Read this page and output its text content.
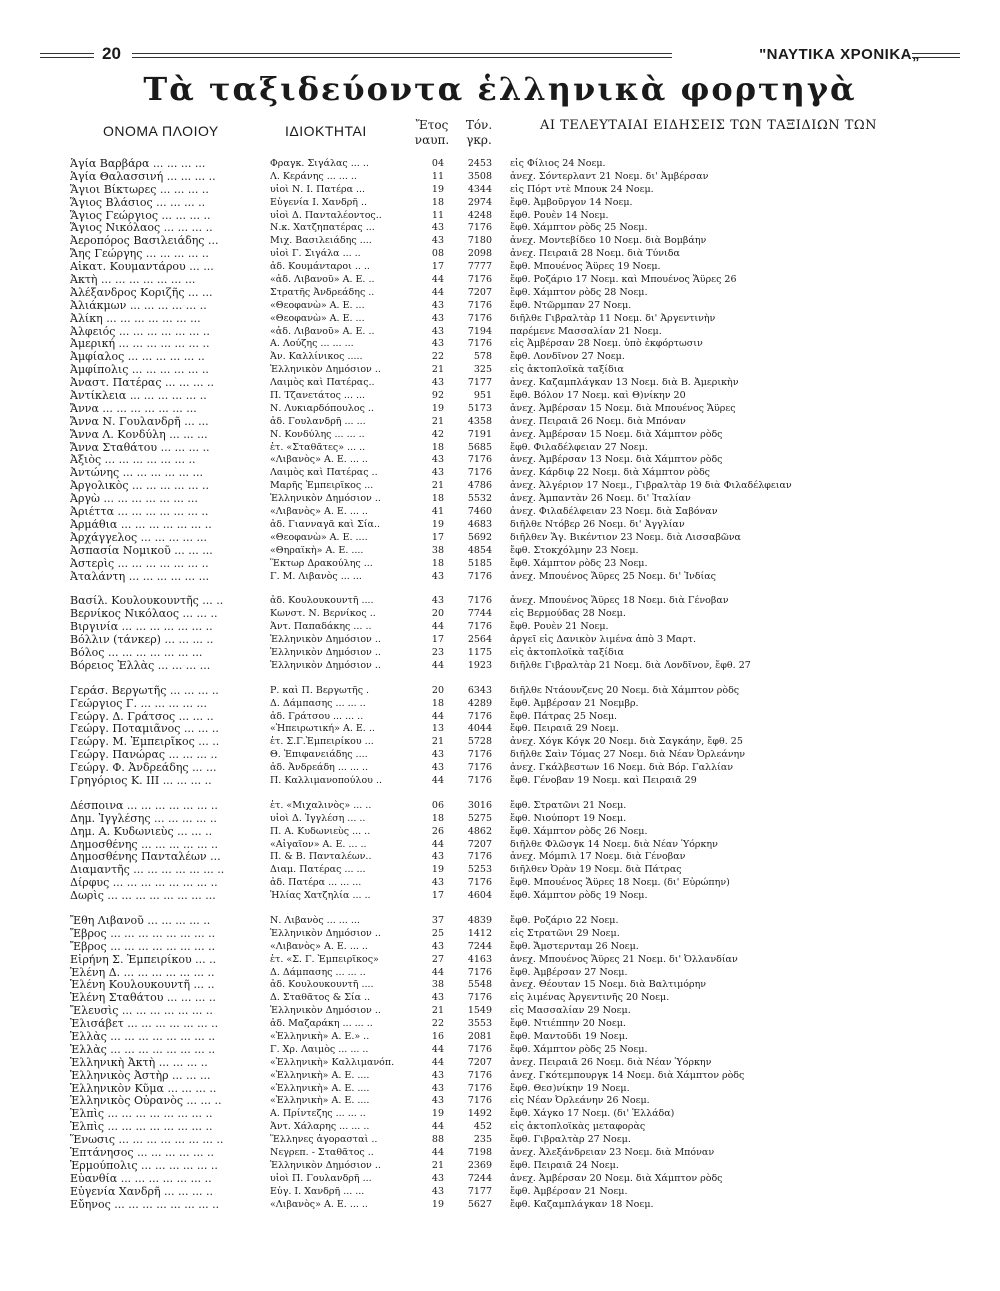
20	"ΝΑΥΤΙΚΑ ΧΡΟΝΙΚΑ„
Τὰ ταξιδεύοντα ἑλληνικὰ φορτηγὰ
ΟΝΟΜΑ ΠΛΟΙΟΥ	ΙΔΙΟΚΤΗΤΑΙ	Ἔτος
ναυπ.
Τόν.
γκρ.
ΑΙ ΤΕΛΕΥΤΑΙΑΙ ΕΙΔΗΣΕΙΣ ΤΩΝ ΤΑΞΙΔΙΩΝ ΤΩΝ
Ἁγία Βαρβάρα ... ... ... ...	Φραγκ. Σιγάλας ... ..	04	2453 εἰς Φίλιος 24 Νοεμ.
Ἁγία Θαλασσινή ... ... ... ..	Λ. Κεράνης ... ... ..	11	3508 ἀνεχ. Σόντερλαντ 21 Νοεμ. δι' Ἀμβέρσαν
Ἅγιοι Βίκτωρες ... ... ... ..	υἱοὶ Ν. Ι. Πατέρα ...	19	4344 εἰς Πόρτ ντὲ Μπουκ 24 Νοεμ.
Ἅγιος Βλάσιος ... ... ... ..	Εὐγενία Ι. Χανδρῆ ..	18	2974 ἔφθ. Ἀμβοῦργον 14 Νοεμ.
Ἅγιος Γεώργιος ... ... ... ..	υἱοὶ Δ. Πανταλέοντος..	11	4248 ἔφθ. Ρουὲν 14 Νοεμ.
Ἅγιος Νικόλαος ... ... ... ..	Ν.κ. Χατζηπατέρας ...	43	7176 ἔφθ. Χάμπτον ρὸδς 25 Νοεμ.
Ἀεροπόρος Βασιλειάδης ...	Μιχ. Βασιλειάδης ....	43	7180 ἀνεχ. Μοντεβίδεο 10 Νοεμ. διὰ Βομβάην
Ἄης Γεώργης ... ... ... ... ..	υἱοὶ Γ. Σιγάλα ... ..	08	2098 ἀνεχ. Πειραιᾶ 28 Νοεμ. διὰ Τύνιδα
Αἰκατ. Κουμαντάρου ... ...	ἀδ. Κουμάνταροι .. ..	17	7777 ἔφθ. Μπουένος Ἄϋρες 19 Νοεμ.
Ἀκτὴ ... ... ... ... ... ... ...	«ἀδ. Λιβανοῦ» Α. Ε. ..	44	7176 ἔφθ. Ροζάριο 17 Νοεμ. καὶ Μπουένος Ἄϋρες 26
Ἀλέξανδρος Κοριζῆς ... ...	Στρατῆς Ἀνδρεάδης ..	44	7207 ἔφθ. Χάμπτον ρὸδς 28 Νοεμ.
Ἀλιάκμων ... ... ... ... ... ..	«Θεοφανὼ» Α. Ε. ...	43	7176 ἔφθ. Ντῶρμπαν 27 Νοεμ.
Ἀλίκη ... ... ... ... ... ... ...	«Θεοφανὼ» Α. Ε. ...	43	7176 διῆλθε Γιβραλτὰρ 11 Νοεμ. δι' Ἀργεντινὴν
Ἀλφειός ... ... ... ... ... ... ..	«ἀδ. Λιβανοῦ» Α. Ε. ..	43	7194 παρέμενε Μασσαλίαν 21 Νοεμ.
Ἀμερική ... ... ... ... ... ... ..	Α. Λούζης ... ... ...	43	7176 εἰς Ἀμβέρσαν 28 Νοεμ. ὑπὸ ἐκφόρτωσιν
Ἀμφίαλος ... ... ... ... ... ..	Ἀν. Καλλίνικος .....	22	578 ἔφθ. Λονδῖνον 27 Νοεμ.
Ἀμφίπολις ... ... ... ... ... ..	Ἑλληνικὸν Δημόσιον ..	21	325 εἰς ἀκτοπλοϊκὰ ταξίδια
Ἀναστ. Πατέρας ... ... ... ..	Λαιμὸς καὶ Πατέρας..	43	7177 ἀνεχ. Καζαμπλάγκαν 13 Νοεμ. διὰ Β. Ἀμερικὴν
Ἀντίκλεια ... ... ... ... ... ..	Π. Τζανετάτος ... ...	92	951 ἔφθ. Βόλον 17 Νοεμ. καὶ Θ)νίκην 20
Ἄννα ... ... ... ... ... ... ...	Ν. Λυκιαρδόπουλος ..	19	5173 ἀνεχ. Ἀμβέρσαν 15 Νοεμ. διὰ Μπουένος Ἄϋρες
Ἄννα Ν. Γουλανδρῆ ... ...	ἀδ. Γουλανδρῆ ... ...	21	4358 ἀνεχ. Πειραιᾶ 26 Νοεμ. διὰ Μπόναν
Ἄννα Λ. Κονδύλη ... ... ...	Ν. Κονδύλης ... ... ..	42	7191 ἀνεχ. Ἀμβέρσαν 15 Νοεμ. διὰ Χάμπτον ρὸδς
Ἄννα Σταθάτου ... ... ... ..	ἑτ. «Σταθᾶτες» ... ..	18	5685 ἔφθ. Φιλαδέλφειαν 27 Νοεμ.
Ἀξιὸς ... ... ... ... ... ... ..	«Λιβανὸς» Α. Ε. ... ..	43	7176 ἀνεχ. Ἀμβέρσαν 13 Νοεμ. διὰ Χάμπτον ρὸδς
Ἀντώνης ... ... ... ... ... ...	Λαιμὸς καὶ Πατέρας ..	43	7176 ἀνεχ. Κάρδιφ 22 Νοεμ. διὰ Χάμπτον ρὸδς
Ἀργολικὸς ... ... ... ... ... ..	Μαρῆς Ἐμπειρῖκος ...	21	4786 ἀνεχ. Ἀλγέριον 17 Νοεμ., Γιβραλτὰρ 19 διὰ Φιλαδέλφειαν
Ἀργὼ ... ... ... ... ... ... ...	Ἑλληνικὸν Δημόσιον ..	18	5532 ἀνεχ. Ἀμπαντὰν 26 Νοεμ. δι' Ἰταλίαν
Ἀριέττα ... ... ... ... ... ... ..	«Λιβανὸς» Α. Ε. ... ..	41	7460 ἀνεχ. Φιλαδέλφειαν 23 Νοεμ. διὰ Σαβόναν
Ἀρμάθια ... ... ... ... ... ... ..	ἀδ. Γιανναγᾶ καὶ Σία..	19	4683 διῆλθε Ντόβερ 26 Νοεμ. δι' Ἀγγλίαν
Ἀρχάγγελος ... ... ... ... ...	«Θεοφανὼ» Α. Ε. ....	17	5692 διῆλθεν Ἅγ. Βικέντιον 23 Νοεμ. διὰ Λισσαβῶνα
Ἀσπασία Νομικοῦ ... ... ...	«Θηραϊκὴ» Α. Ε. ....	38	4854 ἔφθ. Στοκχόλμην 23 Νοεμ.
Ἀστερὶς ... ... ... ... ... ... ..	Ἕκτωρ Δρακούλης ...	18	5185 ἔφθ. Χάμπτον ρὸδς 23 Νοεμ.
Ἀταλάντη ... ... ... ... ... ...	Γ. Μ. Λιβανὸς ... ...	43	7176 ἀνεχ. Μπουένος Ἄϋρες 25 Νοεμ. δι' Ἰνδίας
Βασίλ. Κουλουκουντῆς ... ..	ἀδ. Κουλουκουντῆ ....	43	7176 ἀνεχ. Μπουένος Ἄϋρες 18 Νοεμ. διὰ Γένοβαν
Βερνίκος Νικόλαος ... ... ..	Κωνστ. Ν. Βερνίκος ..	20	7744 εἰς Βερμούδας 28 Νοεμ.
Βιργινία ... ... ... ... ... ... ..	Ἀντ. Παπαδάκης ... ..	44	7176 ἔφθ. Ρουὲν 21 Νοεμ.
Βόλλιν (τάνκερ) ... ... ... ..	Ἑλληνικὸν Δημόσιον ..	17	2564 ἀργεῖ εἰς Δανικὸν λιμένα ἀπὸ 3 Μαρτ.
Βόλος ... ... ... ... ... ... ...	Ἑλληνικὸν Δημόσιον ..	23	1175 εἰς ἀκτοπλοϊκὰ ταξίδια
Βόρειος Ἑλλὰς ... ... ... ...	Ἑλληνικὸν Δημόσιον ..	44	1923 διῆλθε Γιβραλτὰρ 21 Νοεμ. διὰ Λονδῖνον, ἔφθ. 27
Γεράσ. Βεργωτῆς ... ... ... ..	Ρ. καὶ Π. Βεργωτῆς .	20	6343 διῆλθε Ντάουνζενς 20 Νοεμ. διὰ Χάμπτον ρὸδς
Γεώργιος Γ. ... ... ... ... ...	Δ. Δάμπασης ... ... ..	18	4289 ἔφθ. Ἀμβέρσαν 21 Νοεμβρ.
Γεώργ. Δ. Γράτσος ... ... ..	ἀδ. Γράτσου ... ... ..	44	7176 ἔφθ. Πάτρας 25 Νοεμ.
Γεώργ. Ποταμιᾶνος ... ... ..	«Ἠπειρωτική» Α. Ε. ..	13	4044 ἔφθ. Πειραιᾶ 29 Νοεμ.
Γεώργ. Μ. Ἐμπειρῖκος ... ..	ἑτ. Σ.Γ.Ἐμπειρίκου ...	21	5728 ἀνεχ. Χόγκ Κόγκ 20 Νοεμ. διὰ Σαγκάην, ἔφθ. 25
Γεώργ. Πανώρας ... ... ... ..	Θ. Ἐπιφανειάδης ....	43	7176 διῆλθε Σαὶν Τόμας 27 Νοεμ. διὰ Νέαν Ὀρλεάνην
Γεώργ. Φ. Ἀνδρεάδης ... ...	ἀδ. Ἀνδρεάδη ... ... ..	43	7176 ἀνεχ. Γκάλβεστων 16 Νοεμ. διὰ Βόρ. Γαλλίαν
Γρηγόριος Κ. ΙΙΙ ... ... ... ..	Π. Καλλιμανοπούλου ..	44	7176 ἔφθ. Γένοβαν 19 Νοεμ. καὶ Πειραιᾶ 29
Δέσποινα ... ... ... ... ... ... ..	ἑτ. «Μιχαλινὸς» ... ..	06	3016 ἔφθ. Στρατῶνι 21 Νοεμ.
Δημ. Ἰγγλέσης ... ... ... ... ..	υἱοὶ Δ. Ἰγγλέση ... ..	18	5275 ἔφθ. Νιούπορτ 19 Νοεμ.
Δημ. Α. Κυδωνιεὺς ... ... ..	Π. Α. Κυδωνιεὺς ... ..	26	4862 ἔφθ. Χάμπτον ρὸδς 26 Νοεμ.
Δημοσθένης ... ... ... ... ... ..	«Αἰγαῖον» Α. Ε. ... ..	44	7207 διῆλθε Φλῶσγκ 14 Νοεμ. διὰ Νέαν Ὑόρκην
Δημοσθένης Πανταλέων ...	Π. & Β. Πανταλέων..	43	7176 ἀνεχ. Μόμπιλ 17 Νοεμ. διὰ Γένοβαν
Διαμαντῆς ... ... ... ... ... ... ..	Διαμ. Πατέρας ... ...	19	5253 διῆλθεν Ὀρὰν 19 Νοεμ. διὰ Πάτρας
Δίρφυς ... ... ... ... ... ... ... ..	ἀδ. Πατέρα ... ... ...	43	7176 ἔφθ. Μπουένος Ἄϋρες 18 Νοεμ. (δι' Εὐρώπην)
Δωρὶς ... ... ... ... ... ... ... ...	Ἠλίας Χατζηλία ... ..	17	4604 ἔφθ. Χάμπτον ρὸδς 19 Νοεμ.
Ἔθη Λιβανοῦ ... ... ... ... ..	Ν. Λιβανὸς ... ... ...	37	4839 ἔφθ. Ροζάριο 22 Νοεμ.
Ἔβρος ... ... ... ... ... ... ... ..	Ἑλληνικὸν Δημόσιον ..	25	1412 εἰς Στρατῶνι 29 Νοεμ.
Ἔβρος ... ... ... ... ... ... ... ..	«Λιβανὸς» Α. Ε. ... ..	43	7244 ἔφθ. Ἄμστερνταμ 26 Νοεμ.
Εἰρήνη Σ. Ἐμπειρίκου ... ..	ἑτ. «Σ. Γ. Ἐμπειρῖκος»	27	4163 ἀνεχ. Μπουένος Ἄϋρες 21 Νοεμ. δι' Ὀλλανδίαν
Ἑλένη Δ. ... ... ... ... ... ... ..	Δ. Δάμπασης ... ... ..	44	7176 ἔφθ. Ἀμβέρσαν 27 Νοεμ.
Ἑλένη Κουλουκουντῆ ... ..	ἀδ. Κουλουκουντῆ ....	38	5548 ἀνεχ. Θέουταν 15 Νοεμ. διὰ Βαλτιμόρην
Ἑλένη Σταθάτου ... ... ... ..	Δ. Σταθᾶτος & Σία ..	43	7176 εἰς λιμένας Ἀργεντινῆς 20 Νοεμ.
Ἔλευσὶς ... ... ... ... ... ... ..	Ἑλληνικὸν Δημόσιον ..	21	1549 εἰς Μασσαλίαν 29 Νοεμ.
Ἐλισάβετ ... ... ... ... ... ... ..	ἀδ. Μαζαράκη ... ... ..	22	3553 ἔφθ. Ντιέππην 20 Νοεμ.
Ἑλλὰς ... ... ... ... ... ... ... ..	«Ἑλληνικὴ» Α. Ε.» ..	16	2081 ἔφθ. Μαντοῦδι 19 Νοεμ.
Ἑλλὰς ... ... ... ... ... ... ... ..	Γ. Χρ. Λαιμὸς ... ... ..	44	7176 ἔφθ. Χάμπτον ρὸδς 25 Νοεμ.
Ἑλληνικὴ Ἀκτὴ ... ... ... ..	«Ἑλληνικὴ» Καλλιμανόπ.	44	7207 ἀνεχ. Πειραιᾶ 26 Νοεμ. διὰ Νέαν Ὑόρκην
Ἑλληνικὸς Ἀστὴρ ... ... ...	«Ἑλληνικὴ» Α. Ε. ....	43	7176 ἀνεχ. Γκότεμπουργκ 14 Νοεμ. διὰ Χάμπτον ρὸδς
Ἑλληνικὸν Κῦμα ... ... ... ..	«Ἑλληνικὴ» Α. Ε. ....	43	7176 ἔφθ. Θεσ)νίκην 19 Νοεμ.
Ἑλληνικὸς Οὐρανὸς ... ... ..	«Ἑλληνικὴ» Α. Ε. ....	43	7176 εἰς Νέαν Ὀρλεάνην 26 Νοεμ.
Ἐλπὶς ... ... ... ... ... ... ... ..	Α. Πρίντεζης ... ... ..	19	1492 ἔφθ. Χάγκο 17 Νοεμ. (δι' Ἑλλάδα)
Ἐλπὶς ... ... ... ... ... ... ... ..	Ἀντ. Χάλαρης ... ... ..	44	452 εἰς ἀκτοπλοϊκὰς μεταφορὰς
Ἕνωσις ... ... ... ... ... ... ... ..	Ἕλληνες ἀγορασταὶ ..	88	235 ἔφθ. Γιβραλτὰρ 27 Νοεμ.
Ἑπτάνησος ... ... ... ... ... ..	Νεγρεπ. - Σταθᾶτος ..	44	7198 ἀνεχ. Ἀλεξάνδρειαν 23 Νοεμ. διὰ Μπόναν
Ἑρμούπολις ... ... ... ... ... ..	Ἑλληνικὸν Δημόσιον ..	21	2369 ἔφθ. Πειραιᾶ 24 Νοεμ.
Εὐανθία ... ... ... ... ... ... ..	υἱοὶ Π. Γουλανδρῆ ...	43	7244 ἀνεχ. Ἀμβέρσαν 20 Νοεμ. διὰ Χάμπτον ρὸδς
Εὐγενία Χανδρῆ ... ... ... ..	Εὐγ. Ι. Χανδρῆ ... ...	43	7177 ἔφθ. Ἀμβέρσαν 21 Νοεμ.
Εὔηνος ... ... ... ... ... ... ... ..	«Λιβανὸς» Α. Ε. ... ..	19	5627 ἔφθ. Καζαμπλάγκαν 18 Νοεμ.
